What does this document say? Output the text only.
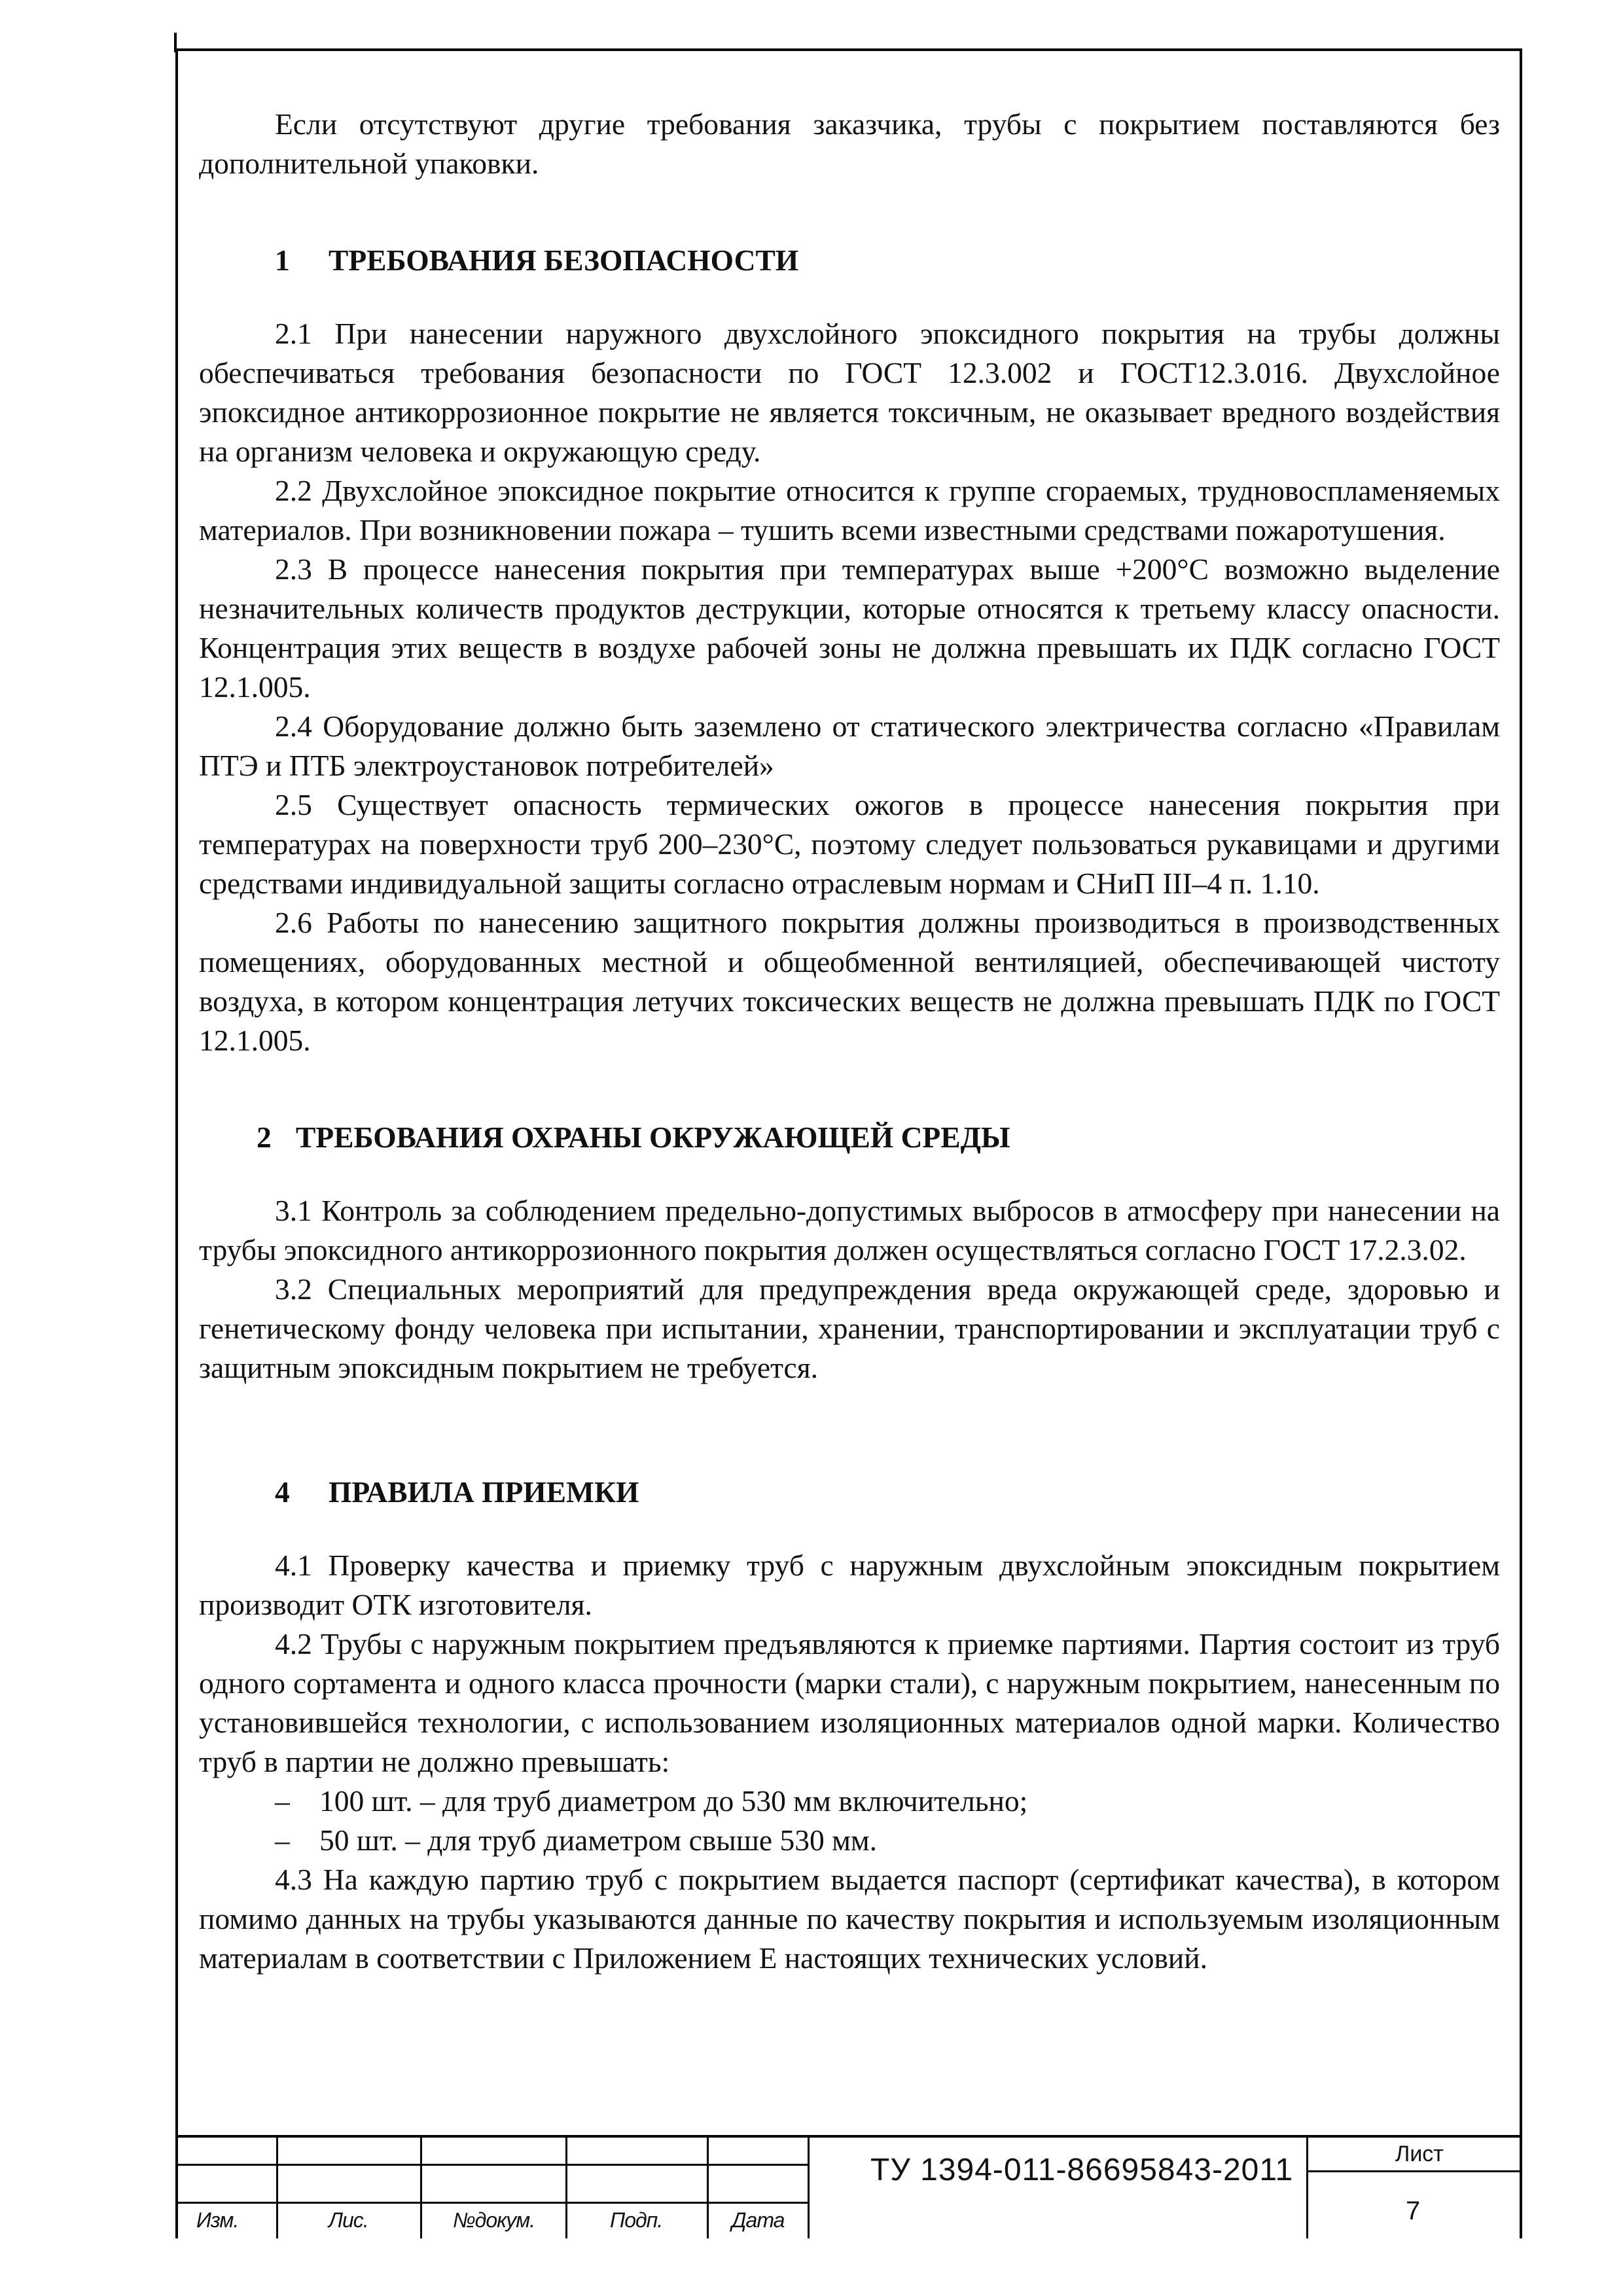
Если отсутствуют другие требования заказчика, трубы с покрытием поставляются без дополнительной упаковки.

1 ТРЕБОВАНИЯ БЕЗОПАСНОСТИ

2.1 При нанесении наружного двухслойного эпоксидного покрытия на трубы должны обеспечиваться требования безопасности по ГОСТ 12.3.002 и ГОСТ12.3.016. Двухслойное эпоксидное антикоррозионное покрытие не является токсичным, не оказывает вредного воздействия на организм человека и окружающую среду.

2.2 Двухслойное эпоксидное покрытие относится к группе сгораемых, трудновоспламеняемых материалов. При возникновении пожара – тушить всеми известными средствами пожаротушения.

2.3 В процессе нанесения покрытия при температурах выше +200°С возможно выделение незначительных количеств продуктов деструкции, которые относятся к третьему классу опасности. Концентрация этих веществ в воздухе рабочей зоны не должна превышать их ПДК согласно ГОСТ 12.1.005.

2.4 Оборудование должно быть заземлено от статического электричества согласно «Правилам ПТЭ и ПТБ электроустановок потребителей»

2.5 Существует опасность термических ожогов в процессе нанесения покрытия при температурах на поверхности труб 200–230°С, поэтому следует пользоваться рукавицами и другими средствами индивидуальной защиты согласно отраслевым нормам и СНиП III–4 п. 1.10.

2.6 Работы по нанесению защитного покрытия должны производиться в производственных помещениях, оборудованных местной и общеобменной вентиляцией, обеспечивающей чистоту воздуха, в котором концентрация летучих токсических веществ не должна превышать ПДК по ГОСТ 12.1.005.

2 ТРЕБОВАНИЯ ОХРАНЫ ОКРУЖАЮЩЕЙ СРЕДЫ

3.1 Контроль за соблюдением предельно-допустимых выбросов в атмосферу при нанесении на трубы эпоксидного антикоррозионного покрытия должен осуществляться согласно ГОСТ 17.2.3.02.

3.2 Специальных мероприятий для предупреждения вреда окружающей среде, здоровью и генетическому фонду человека при испытании, хранении, транспортировании и эксплуатации труб с защитным эпоксидным покрытием не требуется.

4 ПРАВИЛА ПРИЕМКИ

4.1 Проверку качества и приемку труб с наружным двухслойным эпоксидным покрытием производит ОТК изготовителя.

4.2 Трубы с наружным покрытием предъявляются к приемке партиями. Партия состоит из труб одного сортамента и одного класса прочности (марки стали), с наружным покрытием, нанесенным по установившейся технологии, с использованием изоляционных материалов одной марки. Количество труб в партии не должно превышать:

– 100 шт. – для труб диаметром до 530 мм включительно;
– 50 шт. – для труб диаметром свыше 530 мм.

4.3 На каждую партию труб с покрытием выдается паспорт (сертификат качества), в котором помимо данных на трубы указываются данные по качеству покрытия и используемым изоляционным материалам в соответствии с Приложением Е настоящих технических условий.

Изм.	Лис.	№докум.	Подп.	Дата
ТУ 1394-011-86695843-2011	Лист
7
